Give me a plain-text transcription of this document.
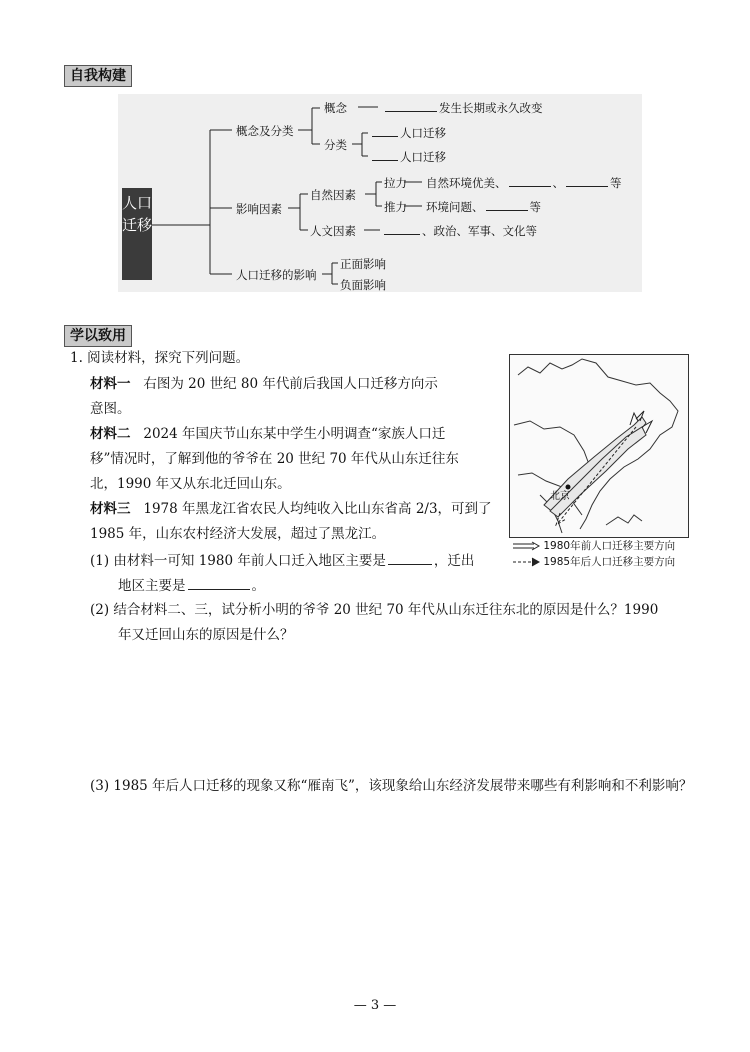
自我构建
人口迁移
概念及分类
概念	发生长期或永久改变
分类
人口迁移
人口迁移
影响因素
自然因素
拉力 自然环境优美、	、	等
推力 环境问题、	等
人文因素	、政治、军事、文化等
人口迁移的影响
正面影响
负面影响
学以致用
1. 阅读材料，探究下列问题。
材料一 右图为 20 世纪 80 年代前后我国人口迁移方向示
意图。
材料二 2024 年国庆节山东某中学生小明调查“家族人口迁
移”情况时，了解到他的爷爷在 20 世纪 70 年代从山东迁往东
北，1990 年又从东北迁回山东。
材料三 1978 年黑龙江省农民人均纯收入比山东省高 2/3，可到了
1985 年，山东农村经济大发展，超过了黑龙江。
(1) 由材料一可知 1980 年前人口迁入地区主要是	，迁出
地区主要是	。
(2) 结合材料二、三，试分析小明的爷爷 20 世纪 70 年代从山东迁往东北的原因是什么？1990
年又迁回山东的原因是什么？
(3) 1985 年后人口迁移的现象又称“雁南飞”，该现象给山东经济发展带来哪些有利影响和不利影响？
北京
1980年前人口迁移主要方向
1985年后人口迁移主要方向
— 3 —
